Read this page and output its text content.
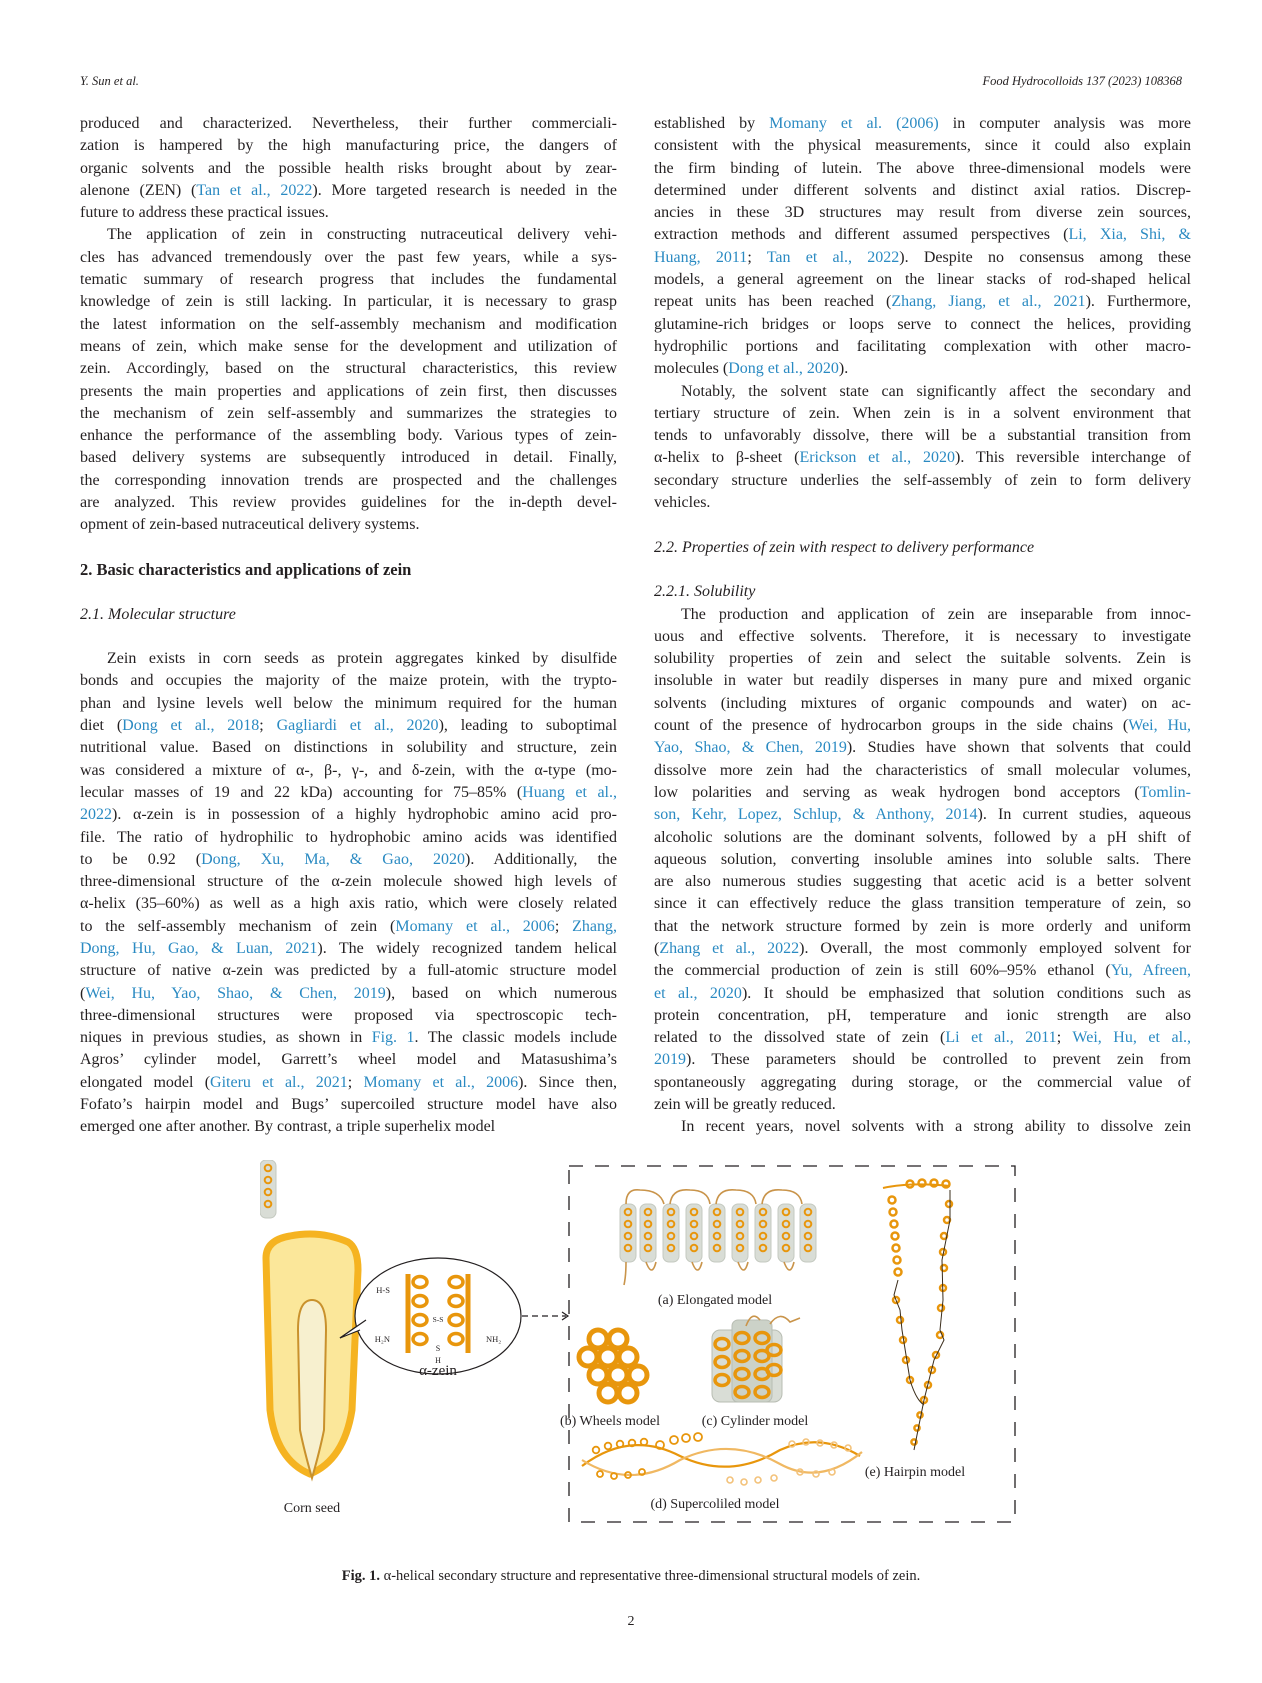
Y. Sun et al.	Food Hydrocolloids 137 (2023) 108368
produced and characterized. Nevertheless, their further commerciali-
zation is hampered by the high manufacturing price, the dangers of
organic solvents and the possible health risks brought about by zear-
alenone (ZEN) (Tan et al., 2022). More targeted research is needed in the
future to address these practical issues.
The application of zein in constructing nutraceutical delivery vehi-
cles has advanced tremendously over the past few years, while a sys-
tematic summary of research progress that includes the fundamental
knowledge of zein is still lacking. In particular, it is necessary to grasp
the latest information on the self-assembly mechanism and modification
means of zein, which make sense for the development and utilization of
zein. Accordingly, based on the structural characteristics, this review
presents the main properties and applications of zein first, then discusses
the mechanism of zein self-assembly and summarizes the strategies to
enhance the performance of the assembling body. Various types of zein-
based delivery systems are subsequently introduced in detail. Finally,
the corresponding innovation trends are prospected and the challenges
are analyzed. This review provides guidelines for the in-depth devel-
opment of zein-based nutraceutical delivery systems.
2. Basic characteristics and applications of zein
2.1. Molecular structure
Zein exists in corn seeds as protein aggregates kinked by disulfide
bonds and occupies the majority of the maize protein, with the trypto-
phan and lysine levels well below the minimum required for the human
diet (Dong et al., 2018; Gagliardi et al., 2020), leading to suboptimal
nutritional value. Based on distinctions in solubility and structure, zein
was considered a mixture of α-, β-, γ-, and δ-zein, with the α-type (mo-
lecular masses of 19 and 22 kDa) accounting for 75–85% (Huang et al.,
2022). α-zein is in possession of a highly hydrophobic amino acid pro-
file. The ratio of hydrophilic to hydrophobic amino acids was identified
to be 0.92 (Dong, Xu, Ma, & Gao, 2020). Additionally, the
three-dimensional structure of the α-zein molecule showed high levels of
α-helix (35–60%) as well as a high axis ratio, which were closely related
to the self-assembly mechanism of zein (Momany et al., 2006; Zhang,
Dong, Hu, Gao, & Luan, 2021). The widely recognized tandem helical
structure of native α-zein was predicted by a full-atomic structure model
(Wei, Hu, Yao, Shao, & Chen, 2019), based on which numerous
three-dimensional structures were proposed via spectroscopic tech-
niques in previous studies, as shown in Fig. 1. The classic models include
Agros’ cylinder model, Garrett’s wheel model and Matasushima’s
elongated model (Giteru et al., 2021; Momany et al., 2006). Since then,
Fofato’s hairpin model and Bugs’ supercoiled structure model have also
emerged one after another. By contrast, a triple superhelix model
established by Momany et al. (2006) in computer analysis was more
consistent with the physical measurements, since it could also explain
the firm binding of lutein. The above three-dimensional models were
determined under different solvents and distinct axial ratios. Discrep-
ancies in these 3D structures may result from diverse zein sources,
extraction methods and different assumed perspectives (Li, Xia, Shi, &
Huang, 2011; Tan et al., 2022). Despite no consensus among these
models, a general agreement on the linear stacks of rod-shaped helical
repeat units has been reached (Zhang, Jiang, et al., 2021). Furthermore,
glutamine-rich bridges or loops serve to connect the helices, providing
hydrophilic portions and facilitating complexation with other macro-
molecules (Dong et al., 2020).
Notably, the solvent state can significantly affect the secondary and
tertiary structure of zein. When zein is in a solvent environment that
tends to unfavorably dissolve, there will be a substantial transition from
α-helix to β-sheet (Erickson et al., 2020). This reversible interchange of
secondary structure underlies the self-assembly of zein to form delivery
vehicles.
2.2. Properties of zein with respect to delivery performance
2.2.1. Solubility
The production and application of zein are inseparable from innoc-
uous and effective solvents. Therefore, it is necessary to investigate
solubility properties of zein and select the suitable solvents. Zein is
insoluble in water but readily disperses in many pure and mixed organic
solvents (including mixtures of organic compounds and water) on ac-
count of the presence of hydrocarbon groups in the side chains (Wei, Hu,
Yao, Shao, & Chen, 2019). Studies have shown that solvents that could
dissolve more zein had the characteristics of small molecular volumes,
low polarities and serving as weak hydrogen bond acceptors (Tomlin-
son, Kehr, Lopez, Schlup, & Anthony, 2014). In current studies, aqueous
alcoholic solutions are the dominant solvents, followed by a pH shift of
aqueous solution, converting insoluble amines into soluble salts. There
are also numerous studies suggesting that acetic acid is a better solvent
since it can effectively reduce the glass transition temperature of zein, so
that the network structure formed by zein is more orderly and uniform
(Zhang et al., 2022). Overall, the most commonly employed solvent for
the commercial production of zein is still 60%–95% ethanol (Yu, Afreen,
et al., 2020). It should be emphasized that solution conditions such as
protein concentration, pH, temperature and ionic strength are also
related to the dissolved state of zein (Li et al., 2011; Wei, Hu, et al.,
2019). These parameters should be controlled to prevent zein from
spontaneously aggregating during storage, or the commercial value of
zein will be greatly reduced.
In recent years, novel solvents with a strong ability to dissolve zein
Corn seed
H-S
S-S
H₂N	NH₂
S
H
α-zein
(a) Elongated model
(b) Wheels model	(c) Cylinder model
(d) Supercoliled model
(e) Hairpin model
Fig. 1. α-helical secondary structure and representative three-dimensional structural models of zein.
2
